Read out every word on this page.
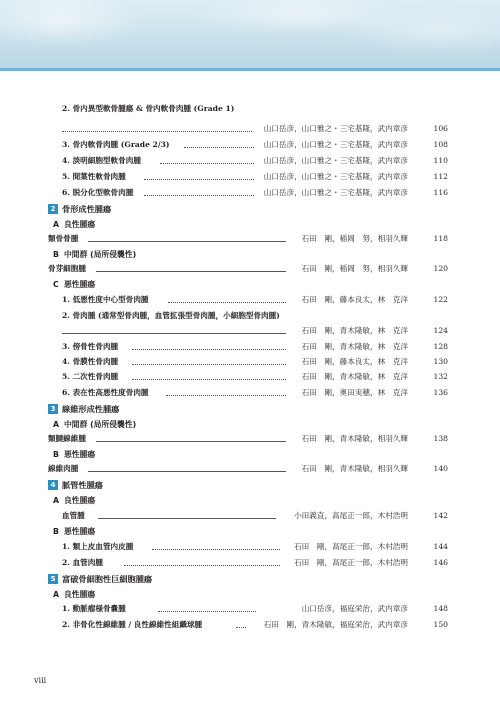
2. 骨内異型軟骨腫瘍 & 骨内軟骨肉腫 (Grade 1)
山口岳彦，山口雅之・三宅基隆，武内章彦	106
3. 骨内軟骨肉腫 (Grade 2/3)	山口岳彦，山口雅之・三宅基隆，武内章彦	108
4. 淡明細胞型軟骨肉腫	山口岳彦，山口雅之・三宅基隆，武内章彦	110
5. 間葉性軟骨肉腫	山口岳彦，山口雅之・三宅基隆，武内章彦	112
6. 脱分化型軟骨肉腫	山口岳彦，山口雅之・三宅基隆，武内章彦	116
2 骨形成性腫瘍
A 良性腫瘍
類骨骨腫	石田　剛，稲岡　努，相羽久輝	118
B 中間群 (局所侵襲性)
骨芽細胞腫	石田　剛，稲岡　努，相羽久輝	120
C 悪性腫瘍
1. 低悪性度中心型骨肉腫	石田　剛，藤本良太，林　克洋	122
2. 骨肉腫 (通常型骨肉腫，血管拡張型骨肉腫，小細胞型骨肉腫)
石田　剛，青木隆敏，林　克洋	124
3. 傍骨性骨肉腫	石田　剛，青木隆敏，林　克洋	128
4. 骨膜性骨肉腫	石田　剛，藤本良太，林　克洋	130
5. 二次性骨肉腫	石田　剛，青木隆敏，林　克洋	132
6. 表在性高悪性度骨肉腫	石田　剛，奥田実穂，林　克洋	136
3 線維形成性腫瘍
A 中間群 (局所侵襲性)
類腱線維腫	石田　剛，青木隆敏，相羽久輝	138
B 悪性腫瘍
線維肉腫	石田　剛，青木隆敏，相羽久輝	140
4 脈管性腫瘍
A 良性腫瘍
血管腫	小田義直，高尾正一郎，木村浩明	142
B 悪性腫瘍
1. 類上皮血管内皮腫	石田　剛，高尾正一郎，木村浩明	144
2. 血管肉腫	石田　剛，高尾正一郎，木村浩明	146
5 富破骨細胞性巨細胞腫瘍
A 良性腫瘍
1. 動脈瘤様骨嚢腫	山口岳彦，福庭栄治，武内章彦	148
2. 非骨化性線維腫 / 良性線維性組織球腫	石田　剛，青木隆敏，福庭栄治，武内章彦	150
viii
